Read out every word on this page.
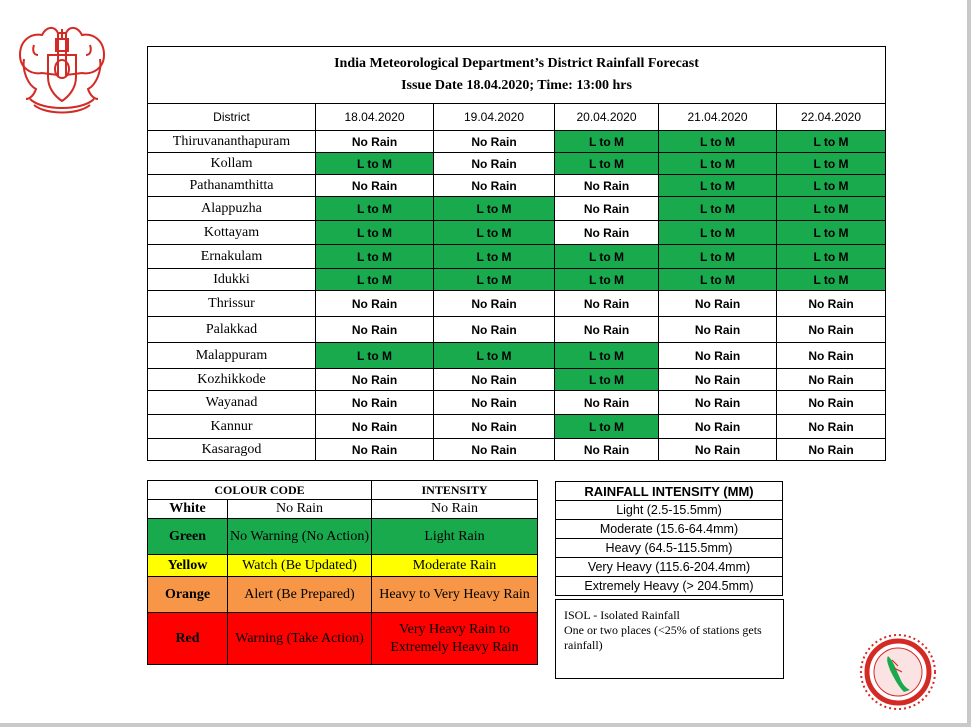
India Meteorological Department’s District Rainfall Forecast
Issue Date 18.04.2020; Time: 13:00 hrs					

District	18.04.2020	19.04.2020	20.04.2020	21.04.2020	22.04.2020
Thiruvananthapuram	No Rain	No Rain	L to M	L to M	L to M
Kollam	L to M	No Rain	L to M	L to M	L to M
Pathanamthitta	No Rain	No Rain	No Rain	L to M	L to M
Alappuzha	L to M	L to M	No Rain	L to M	L to M
Kottayam	L to M	L to M	No Rain	L to M	L to M
Ernakulam	L to M	L to M	L to M	L to M	L to M
Idukki	L to M	L to M	L to M	L to M	L to M
Thrissur	No Rain	No Rain	No Rain	No Rain	No Rain
Palakkad	No Rain	No Rain	No Rain	No Rain	No Rain
Malappuram	L to M	L to M	L to M	No Rain	No Rain
Kozhikkode	No Rain	No Rain	L to M	No Rain	No Rain
Wayanad	No Rain	No Rain	No Rain	No Rain	No Rain
Kannur	No Rain	No Rain	L to M	No Rain	No Rain
Kasaragod	No Rain	No Rain	No Rain	No Rain	No Rain
COLOUR CODE		INTENSITY
White	No Rain	No Rain
Green	No Warning (No Action)	Light Rain
Yellow	Watch (Be Updated)	Moderate Rain
Orange	Alert (Be Prepared)	Heavy to Very Heavy Rain
Red	Warning (Take Action)	Very Heavy Rain to Extremely Heavy Rain
RAINFALL INTENSITY (MM)
Light (2.5-15.5mm)
Moderate (15.6-64.4mm)
Heavy (64.5-115.5mm)
Very Heavy (115.6-204.4mm)
Extremely Heavy (> 204.5mm)
ISOL - Isolated Rainfall
One or two places (<25% of stations gets rainfall)
